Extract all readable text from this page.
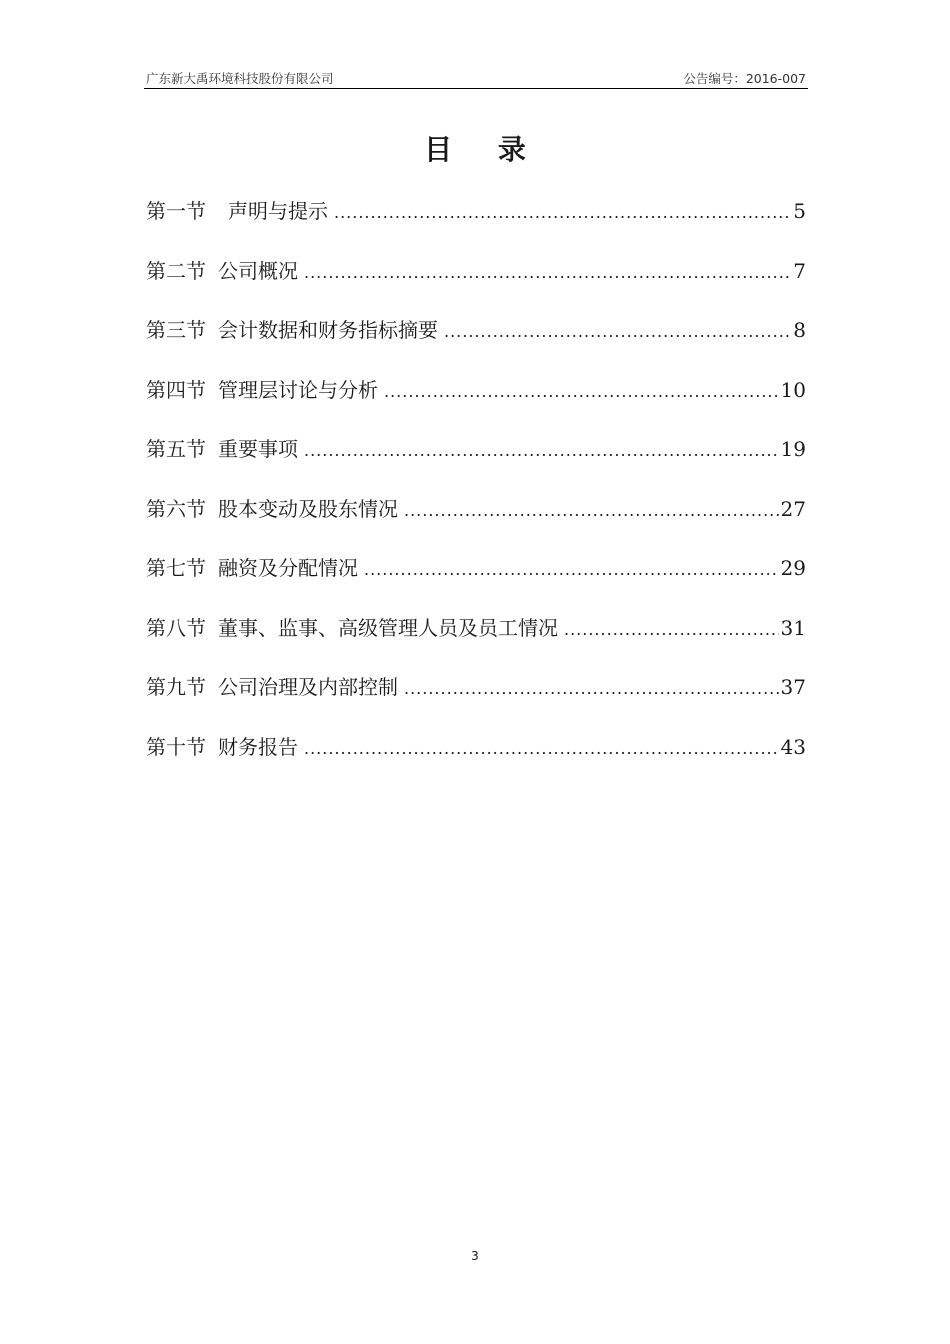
广东新大禹环境科技股份有限公司	公告编号：2016-007
目 录
第一节 声明与提示 .....	5
第二节 公司概况 .....	7
第三节 会计数据和财务指标摘要 .....	8
第四节 管理层讨论与分析 .....	10
第五节 重要事项 .....	19
第六节 股本变动及股东情况 .....	27
第七节 融资及分配情况 .....	29
第八节 董事、监事、高级管理人员及员工情况 .....	31
第九节 公司治理及内部控制 .....	37
第十节 财务报告 .....	43
3
